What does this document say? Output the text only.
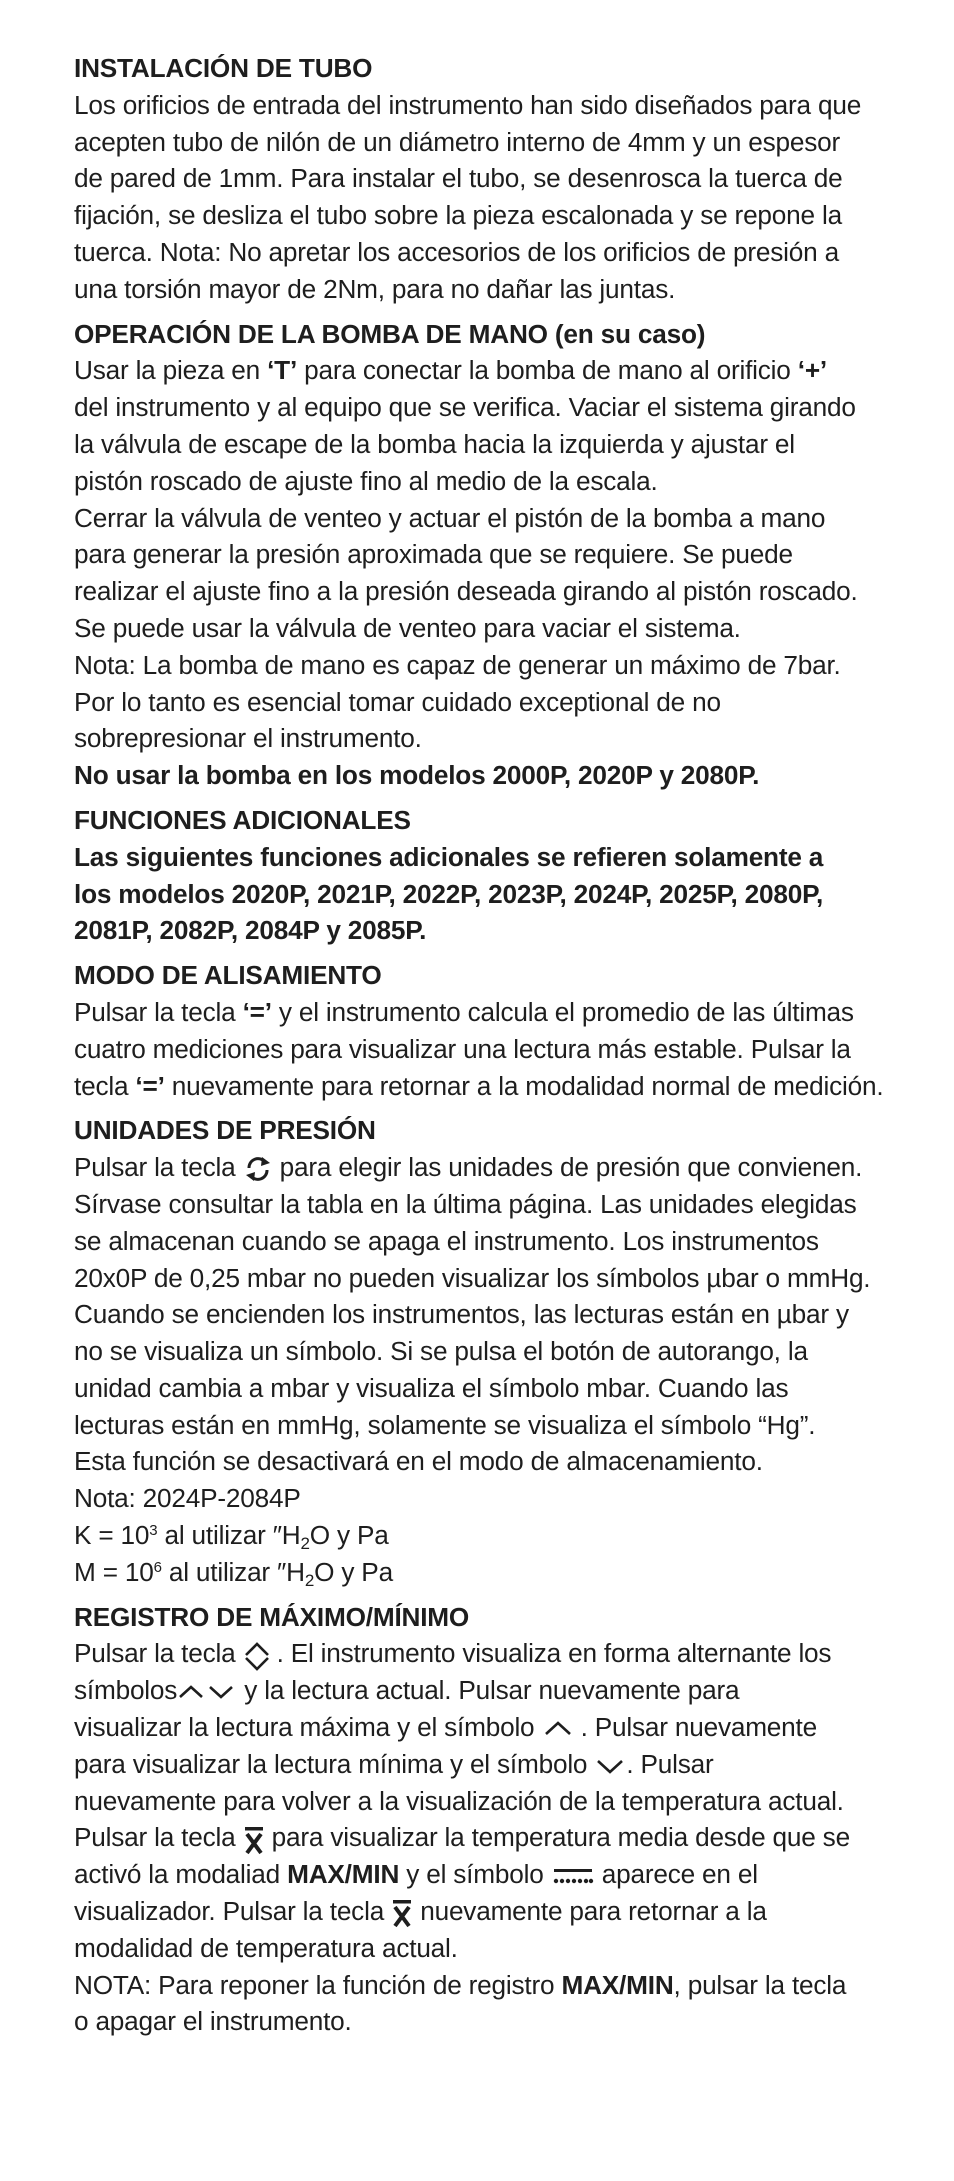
INSTALACIÓN DE TUBO
Los orificios de entrada del instrumento han sido diseñados para que
acepten tubo de nilón de un diámetro interno de 4mm y un espesor
de pared de 1mm. Para instalar el tubo, se desenrosca la tuerca de
fijación, se desliza el tubo sobre la pieza escalonada y se repone la
tuerca. Nota: No apretar los accesorios de los orificios de presión a
una torsión mayor de 2Nm, para no dañar las juntas.
OPERACIÓN DE LA BOMBA DE MANO (en su caso)
Usar la pieza en ‘T’ para conectar la bomba de mano al orificio ‘+’
del instrumento y al equipo que se verifica. Vaciar el sistema girando
la válvula de escape de la bomba hacia la izquierda y ajustar el
pistón roscado de ajuste fino al medio de la escala.
Cerrar la válvula de venteo y actuar el pistón de la bomba a mano
para generar la presión aproximada que se requiere. Se puede
realizar el ajuste fino a la presión deseada girando al pistón roscado.
Se puede usar la válvula de venteo para vaciar el sistema.
Nota: La bomba de mano es capaz de generar un máximo de 7bar.
Por lo tanto es esencial tomar cuidado exceptional de no
sobrepresionar el instrumento.
No usar la bomba en los modelos 2000P, 2020P y 2080P.
FUNCIONES ADICIONALES
Las siguientes funciones adicionales se refieren solamente a
los modelos 2020P, 2021P, 2022P, 2023P, 2024P, 2025P, 2080P,
2081P, 2082P, 2084P y 2085P.
MODO DE ALISAMIENTO
Pulsar la tecla ‘=’ y el instrumento calcula el promedio de las últimas
cuatro mediciones para visualizar una lectura más estable. Pulsar la
tecla ‘=’ nuevamente para retornar a la modalidad normal de medición.
UNIDADES DE PRESIÓN
Pulsar la tecla  para elegir las unidades de presión que convienen.
Sírvase consultar la tabla en la última página. Las unidades elegidas
se almacenan cuando se apaga el instrumento. Los instrumentos
20x0P de 0,25 mbar no pueden visualizar los símbolos µbar o mmHg.
Cuando se encienden los instrumentos, las lecturas están en µbar y
no se visualiza un símbolo. Si se pulsa el botón de autorango, la
unidad cambia a mbar y visualiza el símbolo mbar. Cuando las
lecturas están en mmHg, solamente se visualiza el símbolo “Hg”.
Esta función se desactivará en el modo de almacenamiento.
Nota: 2024P-2084P
$K = 10^3$ al utilizar $''H_2O$ y Pa
$M = 10^6$ al utilizar $''H_2O$ y Pa
REGISTRO DE MÁXIMO/MÍNIMO
Pulsar la tecla . El instrumento visualiza en forma alternante los
símbolos y la lectura actual. Pulsar nuevamente para
visualizar la lectura máxima y el símbolo  . Pulsar nuevamente
para visualizar la lectura mínima y el símbolo . Pulsar
nuevamente para volver a la visualización de la temperatura actual.
Pulsar la tecla  para visualizar la temperatura media desde que se
activó la modaliad MAX/MIN y el símbolo  aparece en el
visualizador. Pulsar la tecla  nuevamente para retornar a la
modalidad de temperatura actual.
NOTA: Para reponer la función de registro MAX/MIN, pulsar la tecla
o apagar el instrumento.
